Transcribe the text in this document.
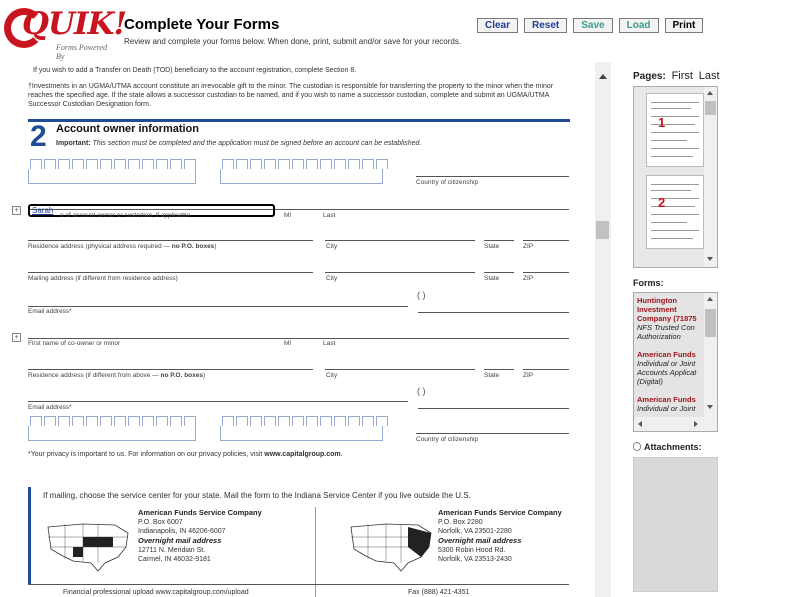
QUIK!
Forms Powered By
Complete Your Forms
Review and complete your forms below. When done, print, submit and/or save for your records.
Clear	Reset	Save	Load	Print

If you wish to add a Transfer on Death (TOD) beneficiary to the account registration, complete Section 8.

†Investments in an UGMA/UTMA account constitute an irrevocable gift to the minor. The custodian is responsible for transferring the property to the minor when the minor reaches the specified age. If the state allows a successor custodian to be named, and if you wish to name a successor custodian, complete and submit an UGMA/UTMA Successor Custodian Designation form.

2 Account owner information
Important: This section must be completed and the application must be signed before an account can be established.
Country of citizenship
+
Sarah
e of account owner or custodian, if applicable	MI	Last
Residence address (physical address required — no P.O. boxes)	City	State	ZIP
Mailing address (if different from residence address)	City	State	ZIP
( )
Email address*
+
First name of co-owner or minor	MI	Last
Residence address (if different from above — no P.O. boxes)	City	State	ZIP
( )
Email address*
Country of citizenship
*Your privacy is important to us. For information on our privacy policies, visit www.capitalgroup.com.
If mailing, choose the service center for your state. Mail the form to the Indiana Service Center if you live outside the U.S.
American Funds Service Company
P.O. Box 6007
Indianapolis, IN 46206-6007
Overnight mail address
12711 N. Meridian St.
Carmel, IN 46032-9181
American Funds Service Company
P.O. Box 2280
Norfolk, VA 23501-2280
Overnight mail address
5300 Robin Hood Rd.
Norfolk, VA 23513-2430
Financial professional upload www.capitalgroup.com/upload	Fax (888) 421-4351
Pages: First Last
1
2
Forms:
Huntington Investment Company (71875
NFS Trusted Con
Authorization
American Funds
Individual or Joint
Accounts Applicat
(Digital)
American Funds
Individual or Joint
Attachments:
